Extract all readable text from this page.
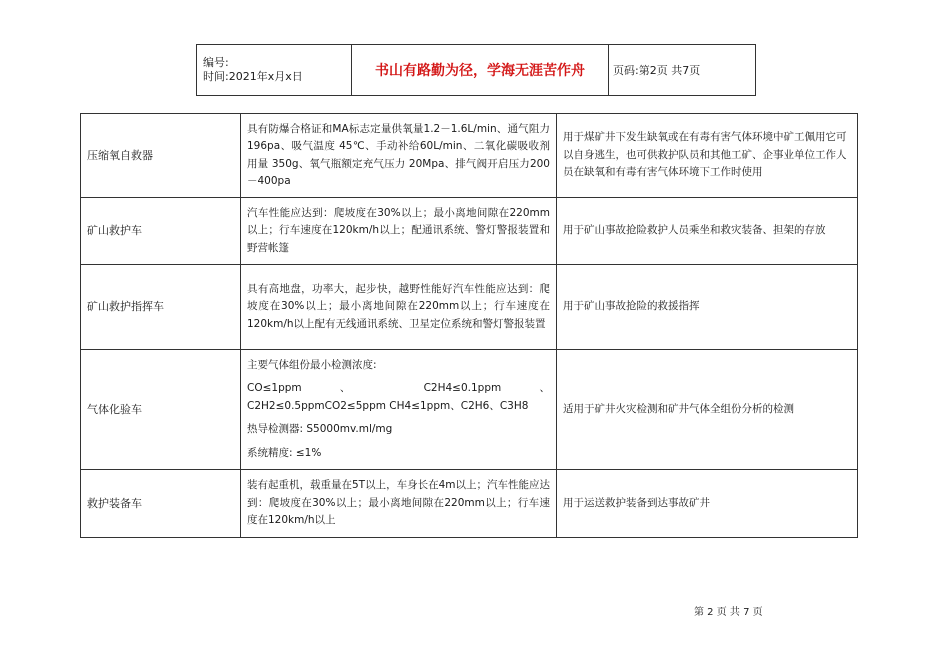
编号:
时间:2021年x月x日	书山有路勤为径，学海无涯苦作舟	页码:第2页 共7页
压缩氧自救器	具有防爆合格证和MA标志定量供氧量1.2－1.6L/min、通气阻力 196pa、吸气温度 45℃、手动补给60L/min、二氧化碳吸收剂用量 350g、氧气瓶额定充气压力 20Mpa、排气阀开启压力200－400pa	用于煤矿井下发生缺氧或在有毒有害气体环境中矿工佩用它可以自身逃生，也可供救护队员和其他工矿、企事业单位工作人员在缺氧和有毒有害气体环境下工作时使用
矿山救护车	汽车性能应达到：爬坡度在30%以上；最小离地间隙在220mm以上；行车速度在120km/h以上；配通讯系统、警灯警报装置和野营帐篷	用于矿山事故抢险救护人员乘坐和救灾装备、担架的存放
矿山救护指挥车	具有高地盘，功率大，起步快，越野性能好汽车性能应达到：爬坡度在30%以上；最小离地间隙在220mm以上；行车速度在120km/h以上配有无线通讯系统、卫星定位系统和警灯警报装置	用于矿山事故抢险的救援指挥
气体化验车	主要气体组份最小检测浓度:
CO≤1ppm 、 C2H4≤0.1ppm 、 C2H2≤0.5ppmCO2≤5ppm CH4≤1ppm、C2H6、C3H8
热导检测器: S5000mv.ml/mg
系统精度: ≤1%	适用于矿井火灾检测和矿井气体全组份分析的检测
救护装备车	装有起重机，载重量在5T以上，车身长在4m以上；汽车性能应达到：爬坡度在30%以上；最小离地间隙在220mm以上；行车速度在120km/h以上	用于运送救护装备到达事故矿井
第 2 页 共 7 页
